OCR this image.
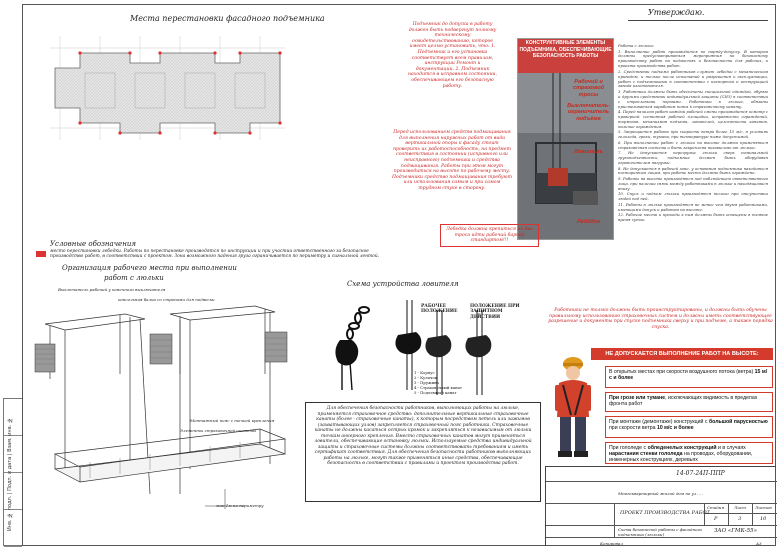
Инв. № подл. | Подп. и дата | Взам. инв. №
Места перестановки фасадного подъемника
Утверждаю.
Подъемник до допуска в работу должен быть подвергнут полному техническому освидетельствованию, которое имеет целью установить, что: 1. Подъемник и его установка соответствует всем правилам, инструкции Ремонт и документации. 2. Подъемник находится в исправном состоянии, обеспечивающем его безопасную работу.
Перед использованием средств подмащивания для выполнения наружных работ от вида вертикальной опоры к фасаду стоит проверить их работоспособность, на предмет соответствия в состоянии (исправного или неисправного) подъемника и средства подмащивания. Работы при этом могут производиться на высоте по рабочему месту. Подъемники средство подмащивания требуют или использования самым и при самом трудном стуке в сторону.
КОНСТРУКТИВНЫЕ ЭЛЕМЕНТЫ ПОДЪЕМНИКА, ОБЕСПЕЧИВАЮЩИЕ БЕЗОПАСНОСТЬ РАБОТЫ
Рабочий и страховой тросы
Выключатель-ограничитель подъёма
Ловитель
Лебёдка
Лебедка должна крепиться на два троса идти рабочий барьер стандартом!!!

Работа с люльки:

1. Выполнение работ производится по наряду-допуску. В котором должны предусматриваться мероприятия по безопасному производству работ на подмостях и безопасности для рабочих, и проекта производства работ.

2. Средствами подъема работников служат лебедки с механическим приводом, и только после испытаний и разрешения к эксплуатации, работ с подъемниками в соответствии с паспортом и инструкцией завода изготовителя.

3. Работники должны быть обеспечены специальной одеждой, обувью и другими средствами индивидуальной защиты (СИЗ) в соответствии с отраслевыми нормами. Работники в люльке, обязаны пристегиваться карабином пояса к страховочному канату.

4. Перед началом работ каждой рабочей смены производится осмотр с проверкой: состояния рабочей площадки, исправности ограждений, тормозов, механизмов подъема, ловителей, целостности канатов, наличие ограждения.

5. Запрещается работа при скорости ветра более 15 м/с, в условиях гололеда, грозы, тумана, при температуре ниже допустимой.

6. При выполнении работ с люльки на высоте должна применяться страховочная система и быть закреплена независимо от люльки.

7. Не допускается перегрузка люльки сверх номинальной грузоподъемности, подъемник должен быть оборудован ограничителем нагрузки.

8. Не допускается в рабочей зоне, у основания подъемника находиться посторонним лицам, при работе место должно быть ограждено.

9. Работы на высоте производятся под наблюдением ответственного лица, при наличии связи между работниками в люльке и находящимися внизу.

10. Спуск и подъем люльки производятся только при отсутствии людей под ней.

11. Работы в люльке производятся не менее чем двумя работниками, имеющими допуск к работам на высоте.

12. Рабочие места и проходы к ним должны быть освещены в темное время суток.

Условные обозначения
место перестановки лебедки. Работы по перестановке производятся по инструкции и при участии ответственного за безопасное производство работ, в соответствии с проектом. Зона возможного падения груза ограничивается по периметру и сигнальной лентой.
Организация рабочего места при выполнении
работ с люльки
Выключатель рабочий у конечного выключателя
консольная балка со стропами для подвески
Монтажный пояс с точкой крепления
Элементы страховочной системы
мин 1м по периметру
Схема устройства ловителя
РАБОЧЕЕ ПОЛОЖЕНИЕ
ПОЛОЖЕНИЕ ПРИ ЗАЩИТНОМ ДЕЙСТВИИ
1 - Корпус
2 - Кулачок
3 - Пружина
4 - Страховочный канат
5 - Подъемный канат

Для обеспечения безопасности работников, выполняющих работы на люльке, применяется страховочное средство: дополнительные вертикальные страховочные канаты (более - страховочные канаты), к которым посредством петель или зажимов (захватывающих узлов) закрепляется страховочный пояс работника. Страховочные канаты не должны касаться острых кромок и закрепляться к независимым от люльки точкам анкерного крепления. Вместо страховочных канатов могут применяться ловители, обеспечивающие остановку люльки. Используемые средства индивидуальной защиты и страховочные системы должны соответствовать требованиям и иметь сертификат соответствия. Для обеспечения безопасности работников выполняющих работы на люльке, могут также применяться иные средства, обеспечивающие безопасность в соответствии с правилами и проектом производства работ.

Работники не только должны быть проинструктированы, и должны быть обучены правильному использованию страховочных систем и должны иметь соответствующее разрешение и документы при спуске подъемника сверху и при подъеме, а также порядка спуска.
НЕ ДОПУСКАЕТСЯ ВЫПОЛНЕНИЕ РАБОТ НА ВЫСОТЕ:
В открытых местах при скорости воздушного потока (ветра) 15 м/с и более
При грозе или тумане, исключающих видимость в пределах фронта работ
При монтаже (демонтаже) конструкций с большой парусностью при скорости ветра 10 м/с и более
При гололеде с обледенелых конструкций и в случаях нарастания стенки гололеда на проводах, оборудовании, инженерных конструкциях, деревьях
14-07-24П-ППР
Многоквартирный жилой дом по ул. ...
ПРОЕКТ ПРОИЗВОДСТВА РАБОТ
Схема безопасной работы с фасадного подъемника (люльки)
Стадия	Лист Листов
Р	3	10
ЗАО «ГМК-55»
Копировал	А3
